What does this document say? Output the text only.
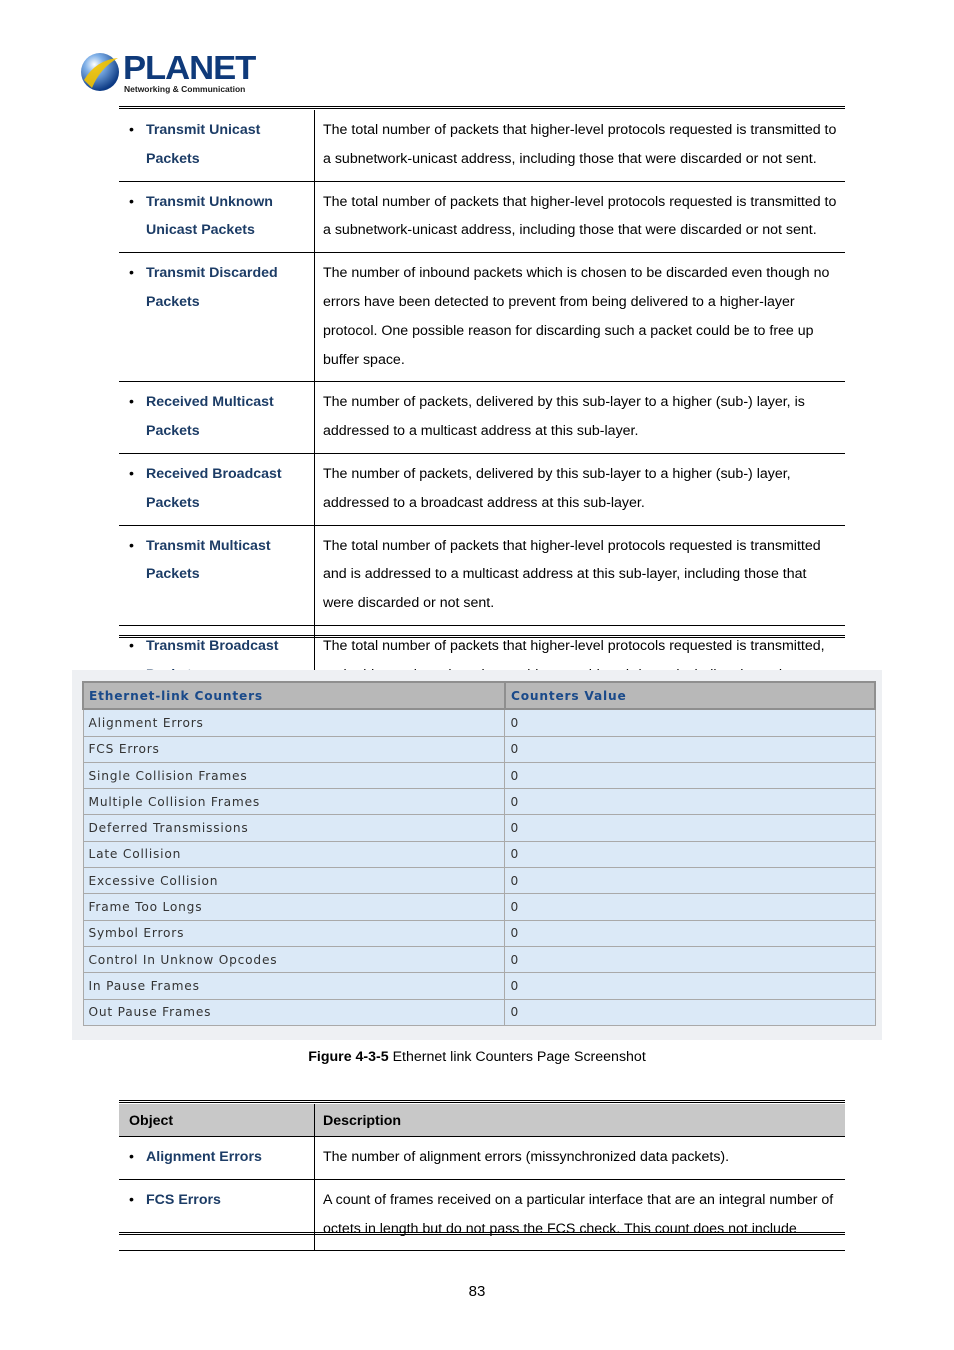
PLANET
Networking & Communication
• Transmit Unicast Packets	The total number of packets that higher-level protocols requested is transmitted to a subnetwork-unicast address, including those that were discarded or not sent.

• Transmit Unknown Unicast Packets	The total number of packets that higher-level protocols requested is transmitted to a subnetwork-unicast address, including those that were discarded or not sent.

• Transmit Discarded Packets	The number of inbound packets which is chosen to be discarded even though no errors have been detected to prevent from being delivered to a higher-layer protocol. One possible reason for discarding such a packet could be to free up buffer space.

• Received Multicast Packets	The number of packets, delivered by this sub-layer to a higher (sub-) layer, is addressed to a multicast address at this sub-layer.

• Received Broadcast Packets	The number of packets, delivered by this sub-layer to a higher (sub-) layer, addressed to a broadcast address at this sub-layer.

• Transmit Multicast Packets	The total number of packets that higher-level protocols requested is transmitted and is addressed to a multicast address at this sub-layer, including those that were discarded or not sent.

• Transmit Broadcast	The total number of packets that higher-level protocols requested is transmitted,
Ethernet-link Counters	Counters Value
Alignment Errors	0
FCS Errors	0
Single Collision Frames	0
Multiple Collision Frames	0
Deferred Transmissions	0
Late Collision	0
Excessive Collision	0
Frame Too Longs	0
Symbol Errors	0
Control In Unknow Opcodes	0
In Pause Frames	0
Out Pause Frames	0
Figure 4-3-5 Ethernet link Counters Page Screenshot
Object	Description

• Alignment Errors	The number of alignment errors (missynchronized data packets).

• FCS Errors	A count of frames received on a particular interface that are an integral number of octets in length but do not pass the FCS check. This count does not include
83
